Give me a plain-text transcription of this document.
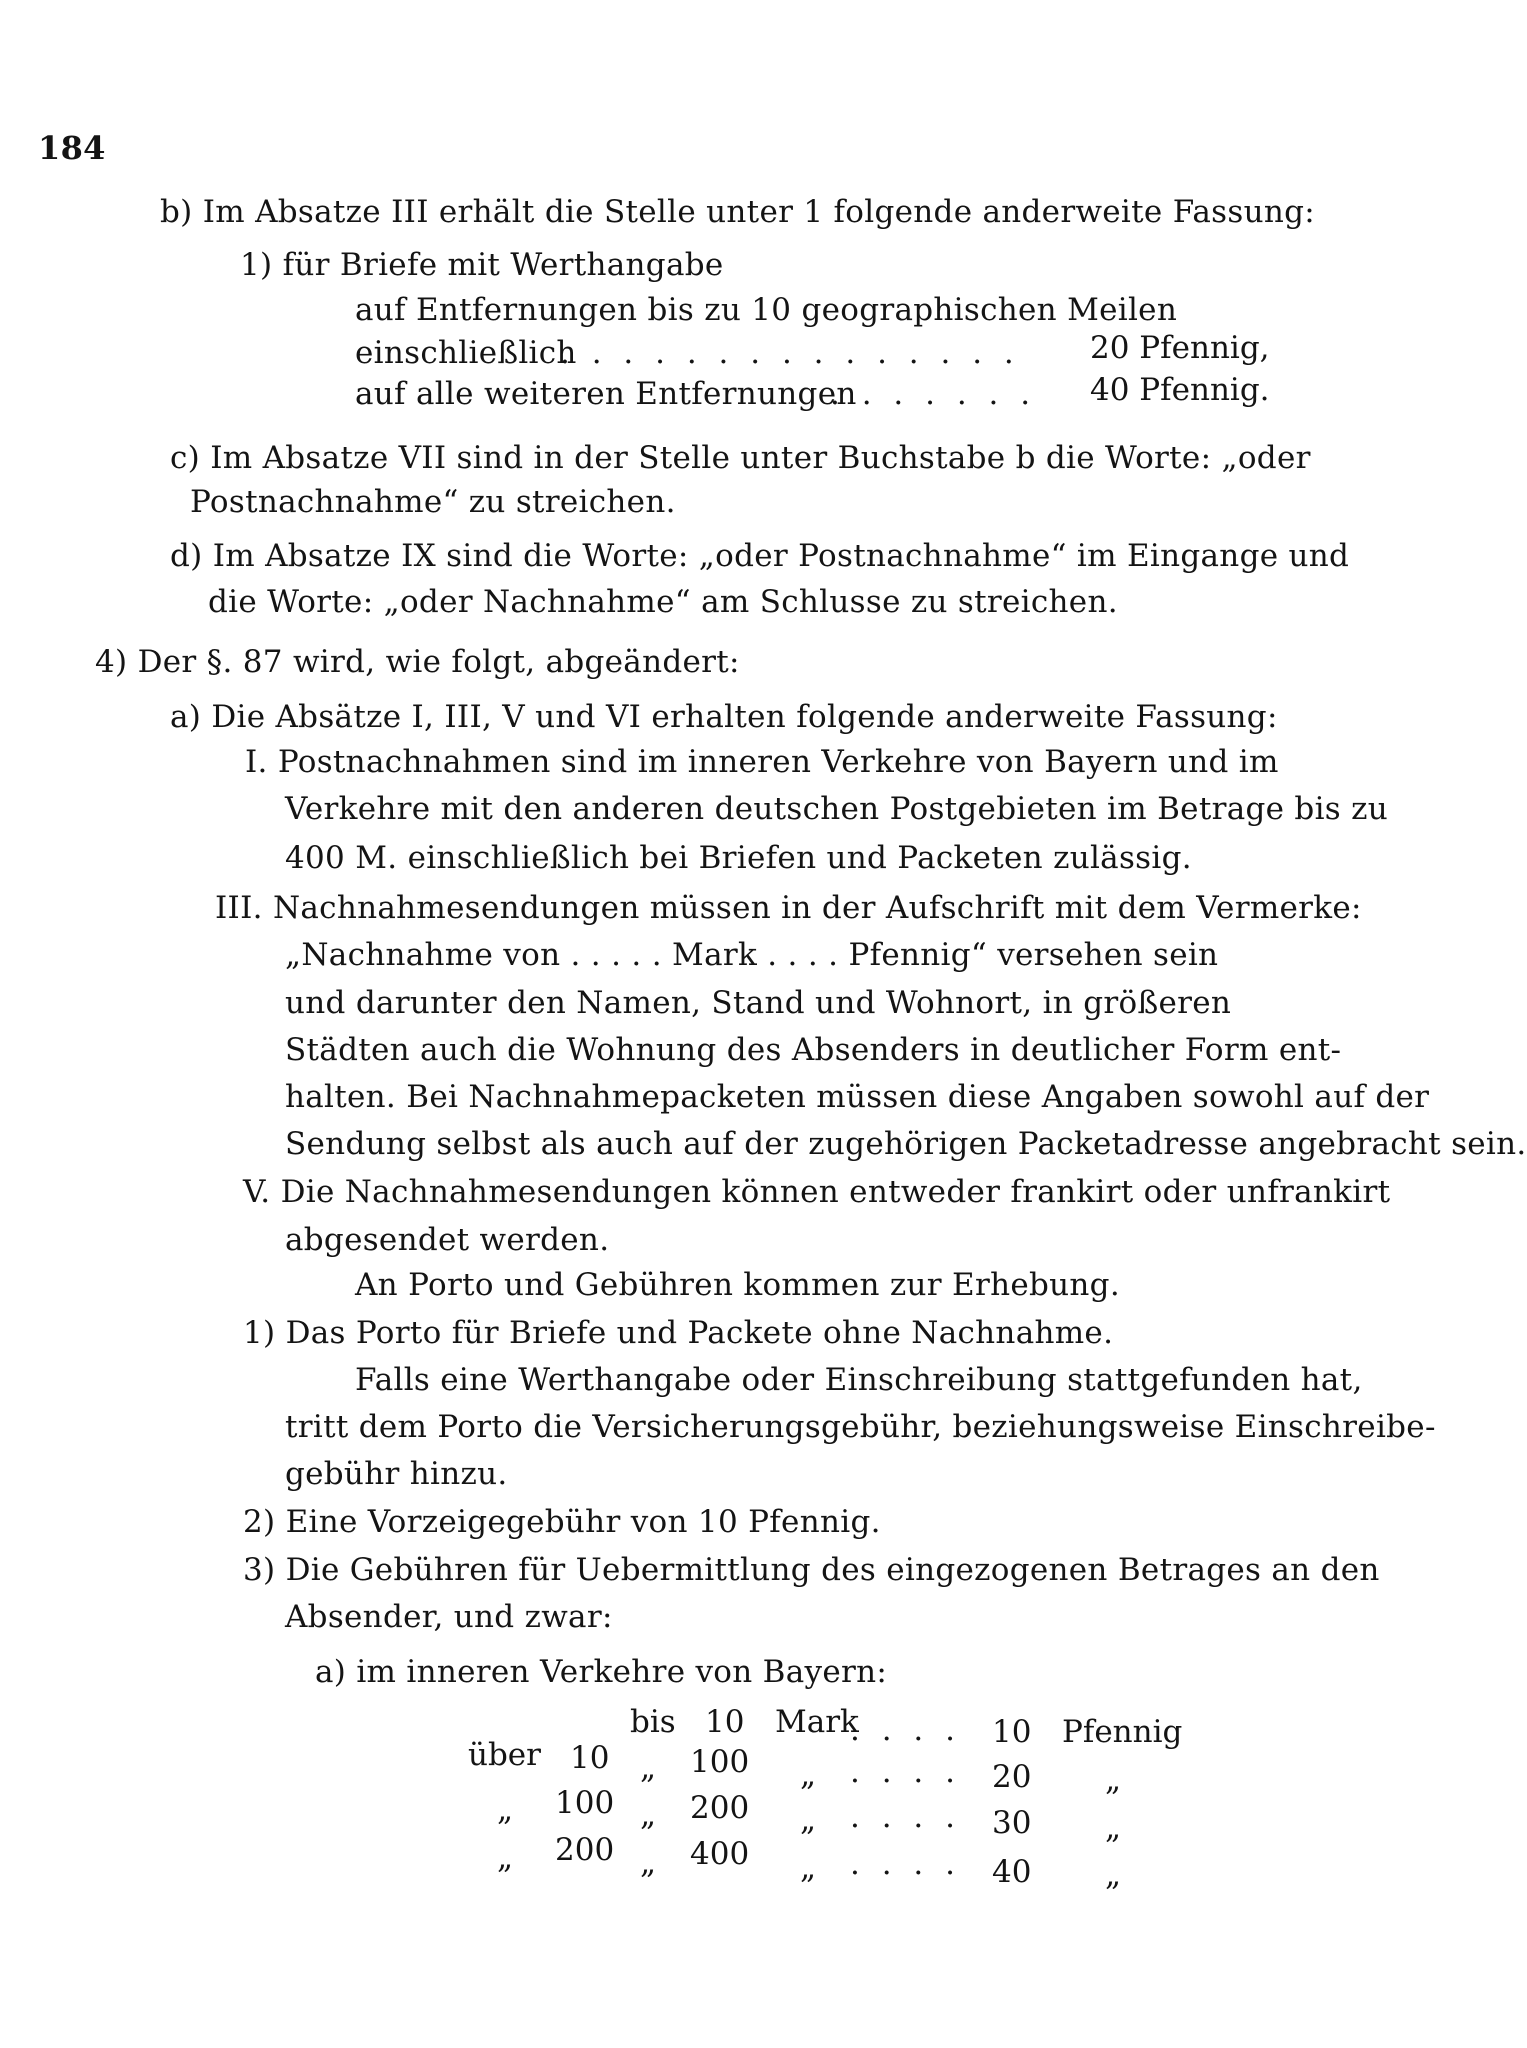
184
b) Im Absatze III erhält die Stelle unter 1 folgende anderweite Fassung:
1) für Briefe mit Werthangabe
auf Entfernungen bis zu 10 geographischen Meilen
einschließlich
. . . . . . . . . . . . . . . 20 Pfennig,
auf alle weiteren Entfernungen
. . . . . . . 40 Pfennig.
c) Im Absatze VII sind in der Stelle unter Buchstabe b die Worte: „oder
Postnachnahme“ zu streichen.
d) Im Absatze IX sind die Worte: „oder Postnachnahme“ im Eingange und
die Worte: „oder Nachnahme“ am Schlusse zu streichen.
4) Der §. 87 wird, wie folgt, abgeändert:
a) Die Absätze I, III, V und VI erhalten folgende anderweite Fassung:
I. Postnachnahmen sind im inneren Verkehre von Bayern und im
Verkehre mit den anderen deutschen Postgebieten im Betrage bis zu
400 M. einschließlich bei Briefen und Packeten zulässig.
III. Nachnahmesendungen müssen in der Aufschrift mit dem Vermerke:
„Nachnahme von . . . . . Mark . . . . Pfennig“ versehen sein
und darunter den Namen, Stand und Wohnort, in größeren
Städten auch die Wohnung des Absenders in deutlicher Form ent-
halten. Bei Nachnahmepacketen müssen diese Angaben sowohl auf der
Sendung selbst als auch auf der zugehörigen Packetadresse angebracht sein.
V. Die Nachnahmesendungen können entweder frankirt oder unfrankirt
abgesendet werden.
An Porto und Gebühren kommen zur Erhebung.
1) Das Porto für Briefe und Packete ohne Nachnahme.
Falls eine Werthangabe oder Einschreibung stattgefunden hat,
tritt dem Porto die Versicherungsgebühr, beziehungsweise Einschreibe-
gebühr hinzu.
2) Eine Vorzeigegebühr von 10 Pfennig.
3) Die Gebühren für Uebermittlung des eingezogenen Betrages an den
Absender, und zwar:
a) im inneren Verkehre von Bayern:
bis 10 Mark
. . . . 10 Pfennig
über 10 „ 100 „ . . . . 20 „
„ 100 „ 200 „ . . . . 30 „
„ 200 „ 400 „ . . . . 40 „
